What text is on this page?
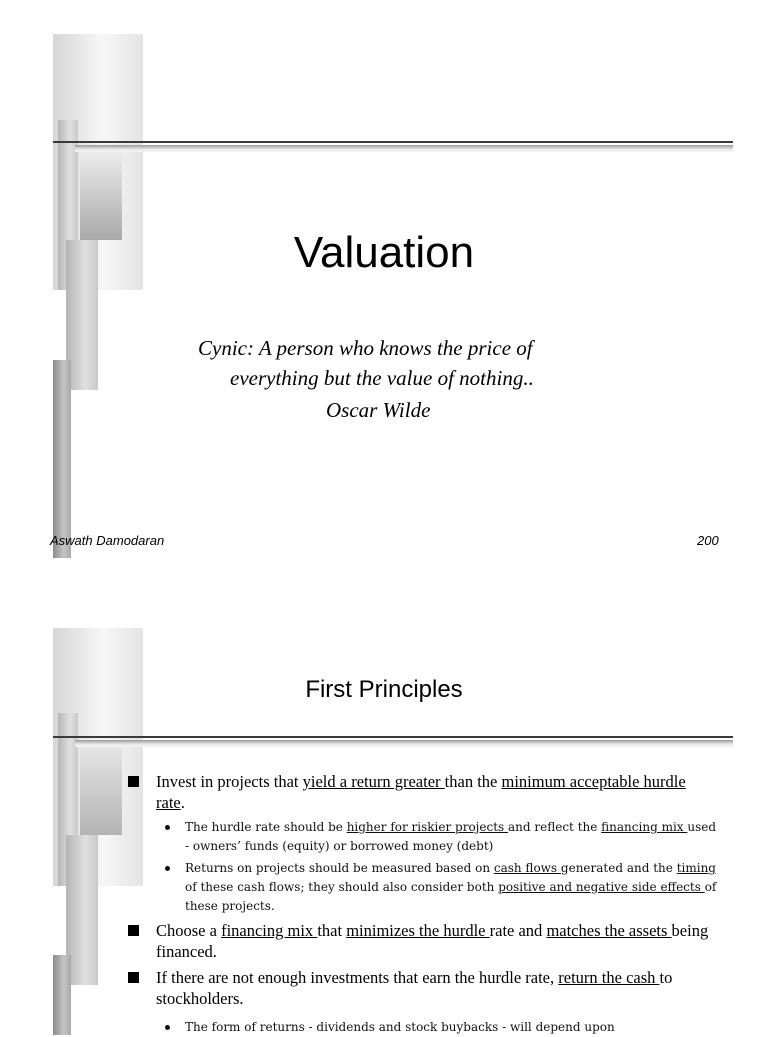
Valuation
Cynic: A person who knows the price of
everything but the value of nothing..
Oscar Wilde
Aswath Damodaran	200
First Principles
Invest in projects that yield a return greater than the minimum acceptable hurdle rate.
The hurdle rate should be higher for riskier projects and reflect the financing mix used - owners’ funds (equity) or borrowed money (debt)
Returns on projects should be measured based on cash flows generated and the timing of these cash flows; they should also consider both positive and negative side effects of these projects.
Choose a financing mix that minimizes the hurdle rate and matches the assets being financed.
If there are not enough investments that earn the hurdle rate, return the cash to stockholders.
The form of returns - dividends and stock buybacks - will depend upon
